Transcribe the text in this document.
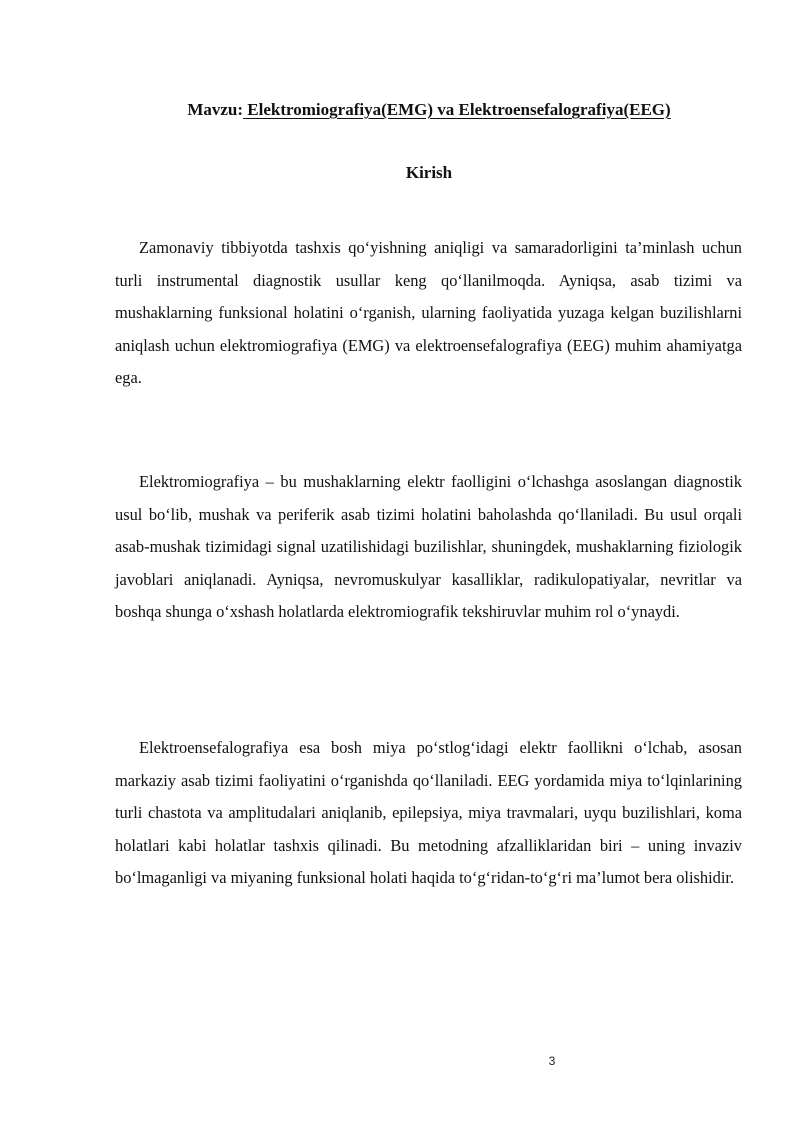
Mavzu: Elektromiografiya(EMG) va Elektroensefalografiya(EEG)
Kirish

Zamonaviy tibbiyotda tashxis qo‘yishning aniqligi va samaradorligini ta’minlash uchun turli instrumental diagnostik usullar keng qo‘llanilmoqda. Ayniqsa, asab tizimi va mushaklarning funksional holatini o‘rganish, ularning faoliyatida yuzaga kelgan buzilishlarni aniqlash uchun elektromiografiya (EMG) va elektroensefalografiya (EEG) muhim ahamiyatga ega.

Elektromiografiya – bu mushaklarning elektr faolligini o‘lchashga asoslangan diagnostik usul bo‘lib, mushak va periferik asab tizimi holatini baholashda qo‘llaniladi. Bu usul orqali asab-mushak tizimidagi signal uzatilishidagi buzilishlar, shuningdek, mushaklarning fiziologik javoblari aniqlanadi. Ayniqsa, nevromuskulyar kasalliklar, radikulopatiyalar, nevritlar va boshqa shunga o‘xshash holatlarda elektromiografik tekshiruvlar muhim rol o‘ynaydi.

Elektroensefalografiya esa bosh miya po‘stlog‘idagi elektr faollikni o‘lchab, asosan markaziy asab tizimi faoliyatini o‘rganishda qo‘llaniladi. EEG yordamida miya to‘lqinlarining turli chastota va amplitudalari aniqlanib, epilepsiya, miya travmalari, uyqu buzilishlari, koma holatlari kabi holatlar tashxis qilinadi. Bu metodning afzalliklaridan biri – uning invaziv bo‘lmaganligi va miyaning funksional holati haqida to‘g‘ridan-to‘g‘ri ma’lumot bera olishidir.

3
